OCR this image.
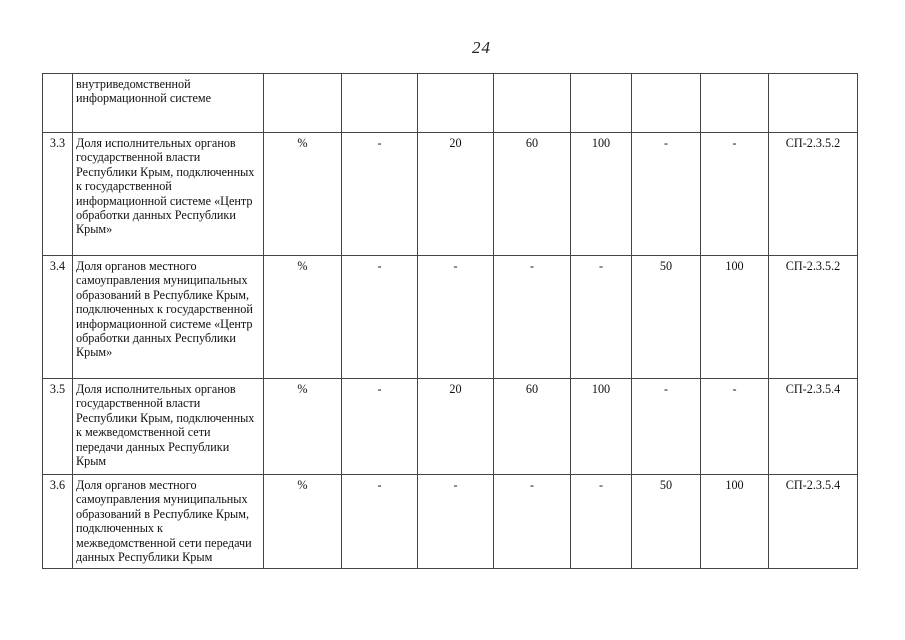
24
	внутриведомственной информационной системе								
3.3	Доля исполнительных органов государственной власти Республики Крым, подключенных к государственной информационной системе «Центр обработки данных Республики Крым»	%	-	20	60	100	-	-	СП-2.3.5.2
3.4	Доля органов местного самоуправления муниципальных образований в Республике Крым, подключенных к государственной информационной системе «Центр обработки данных Республики Крым»	%	-	-	-	-	50	100	СП-2.3.5.2
3.5	Доля исполнительных органов государственной власти Республики Крым, подключенных к межведомственной сети передачи данных Республики Крым	%	-	20	60	100	-	-	СП-2.3.5.4
3.6	Доля органов местного самоуправления муниципальных образований в Республике Крым, подключенных к межведомственной сети передачи данных Республики Крым	%	-	-	-	-	50	100	СП-2.3.5.4
